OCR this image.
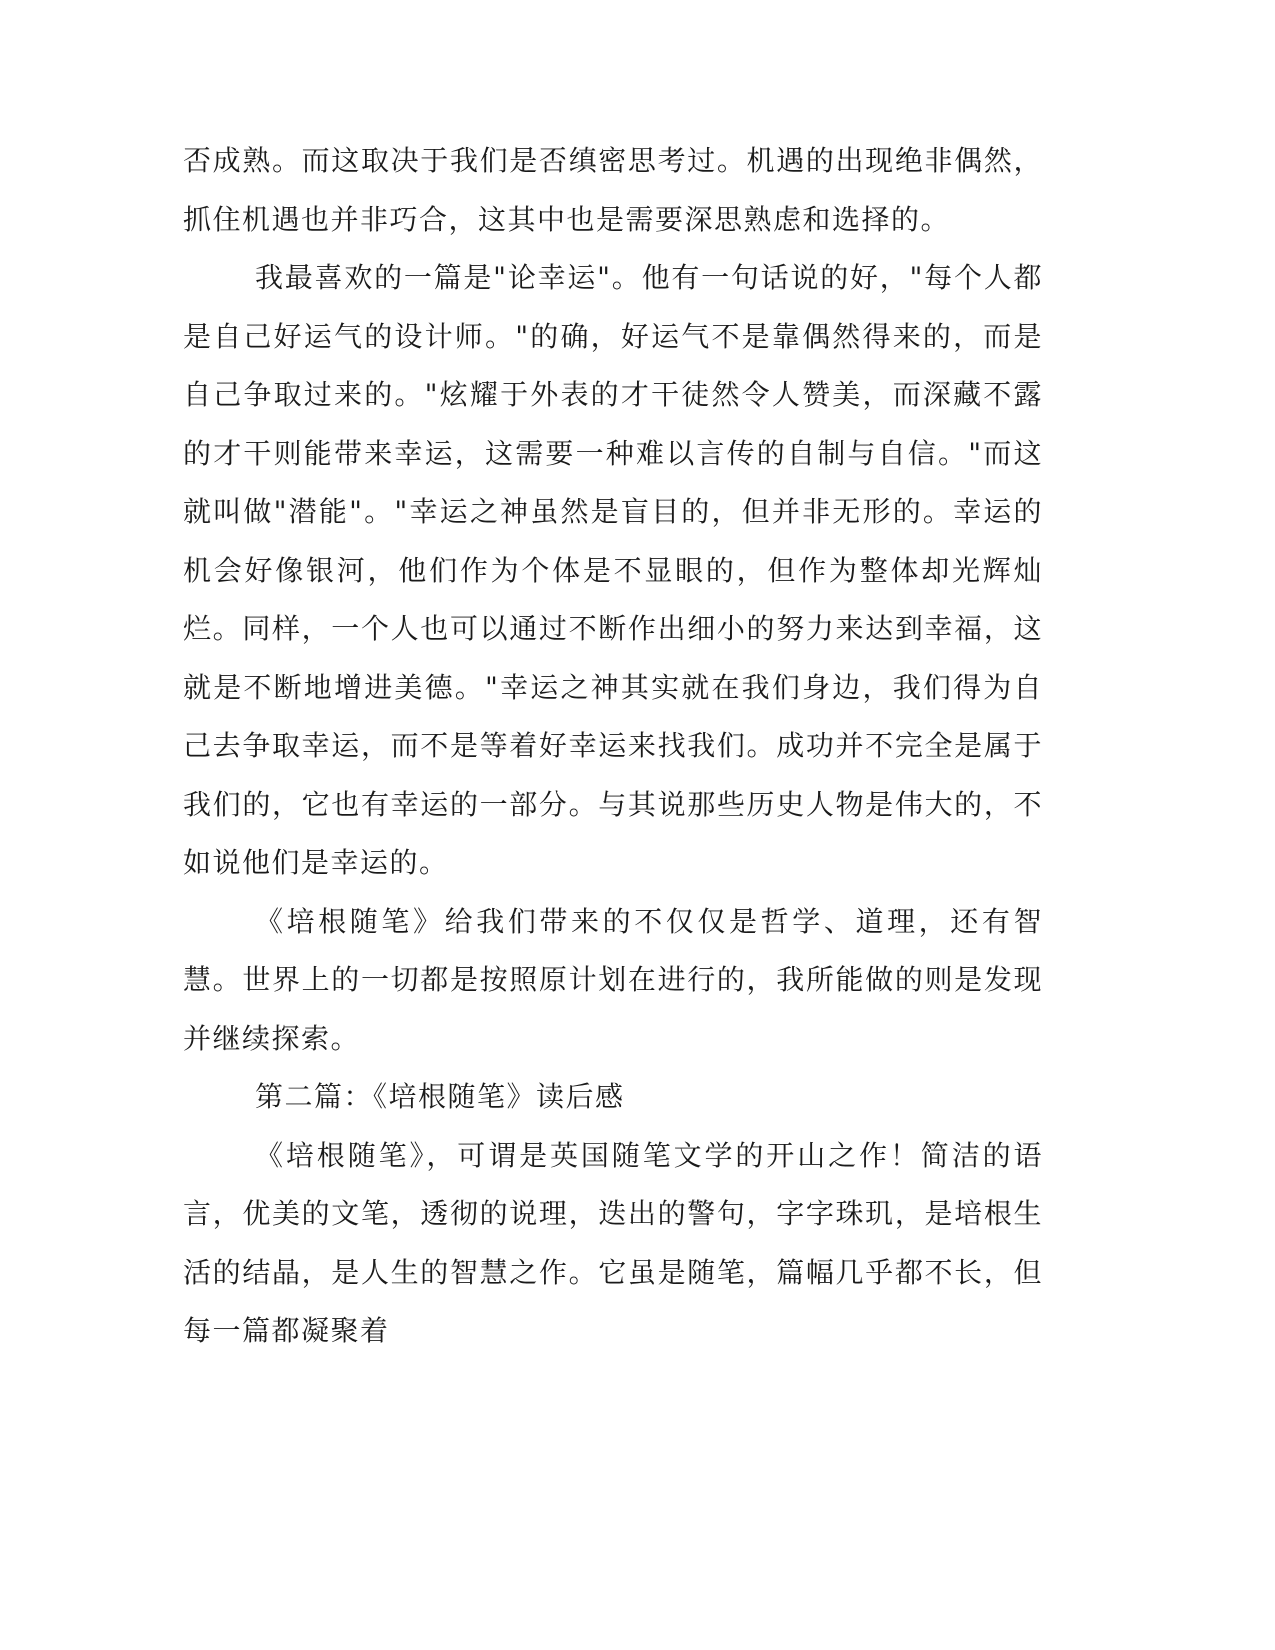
否成熟。而这取决于我们是否缜密思考过。机遇的出现绝非偶然，抓住机遇也并非巧合，这其中也是需要深思熟虑和选择的。

我最喜欢的一篇是"论幸运"。他有一句话说的好，"每个人都是自己好运气的设计师。"的确，好运气不是靠偶然得来的，而是自己争取过来的。"炫耀于外表的才干徒然令人赞美，而深藏不露的才干则能带来幸运，这需要一种难以言传的自制与自信。"而这就叫做"潜能"。"幸运之神虽然是盲目的，但并非无形的。幸运的机会好像银河，他们作为个体是不显眼的，但作为整体却光辉灿烂。同样，一个人也可以通过不断作出细小的努力来达到幸福，这就是不断地增进美德。"幸运之神其实就在我们身边，我们得为自己去争取幸运，而不是等着好幸运来找我们。成功并不完全是属于我们的，它也有幸运的一部分。与其说那些历史人物是伟大的，不如说他们是幸运的。

《培根随笔》给我们带来的不仅仅是哲学、道理，还有智慧。世界上的一切都是按照原计划在进行的，我所能做的则是发现并继续探索。

第二篇：《培根随笔》读后感

《培根随笔》，可谓是英国随笔文学的开山之作！简洁的语言，优美的文笔，透彻的说理，迭出的警句，字字珠玑，是培根生活的结晶，是人生的智慧之作。它虽是随笔，篇幅几乎都不长，但每一篇都凝聚着
